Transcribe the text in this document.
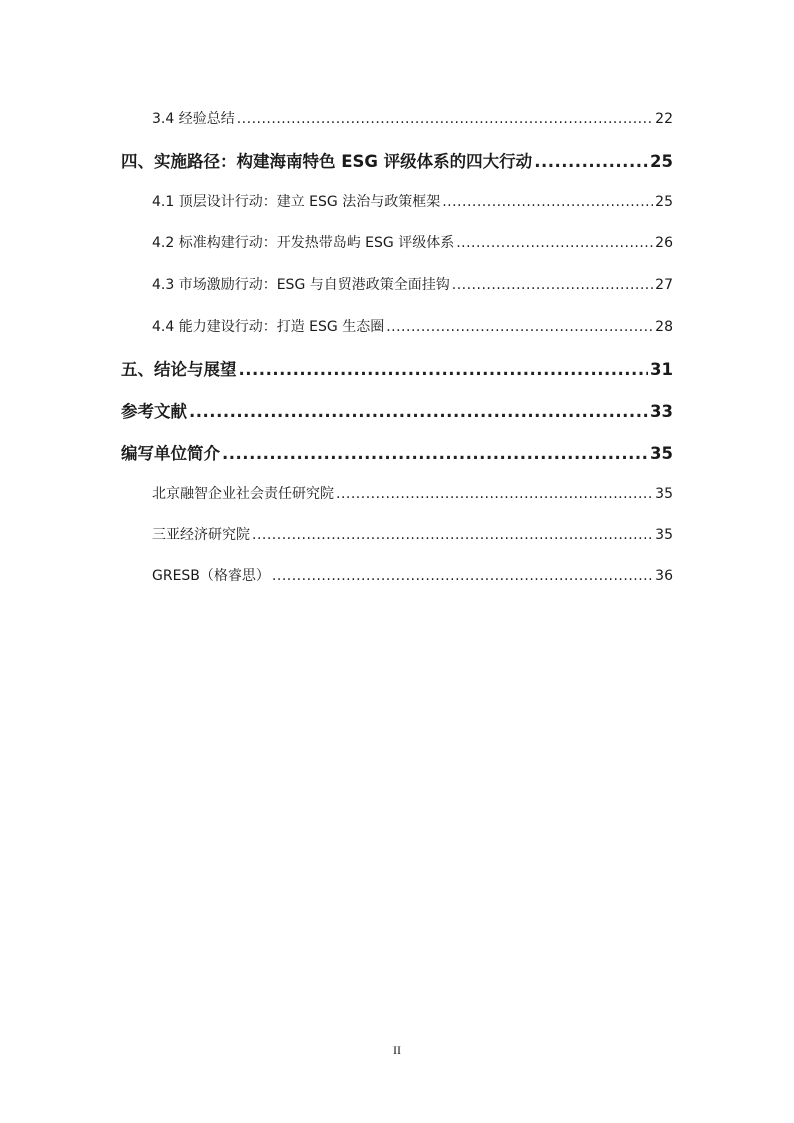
3.4 经验总结 .....	22
四、实施路径：构建海南特色 ESG 评级体系的四大行动 .....	25
4.1 顶层设计行动：建立 ESG 法治与政策框架 .....	25
4.2 标准构建行动：开发热带岛屿 ESG 评级体系 .....	26
4.3 市场激励行动：ESG 与自贸港政策全面挂钩 .....	27
4.4 能力建设行动：打造 ESG 生态圈 .....	28
五、结论与展望 .....	31
参考文献 .....	33
编写单位简介 .....	35
北京融智企业社会责任研究院 .....	35
三亚经济研究院 .....	35
GRESB（格睿思） .....	36
II
